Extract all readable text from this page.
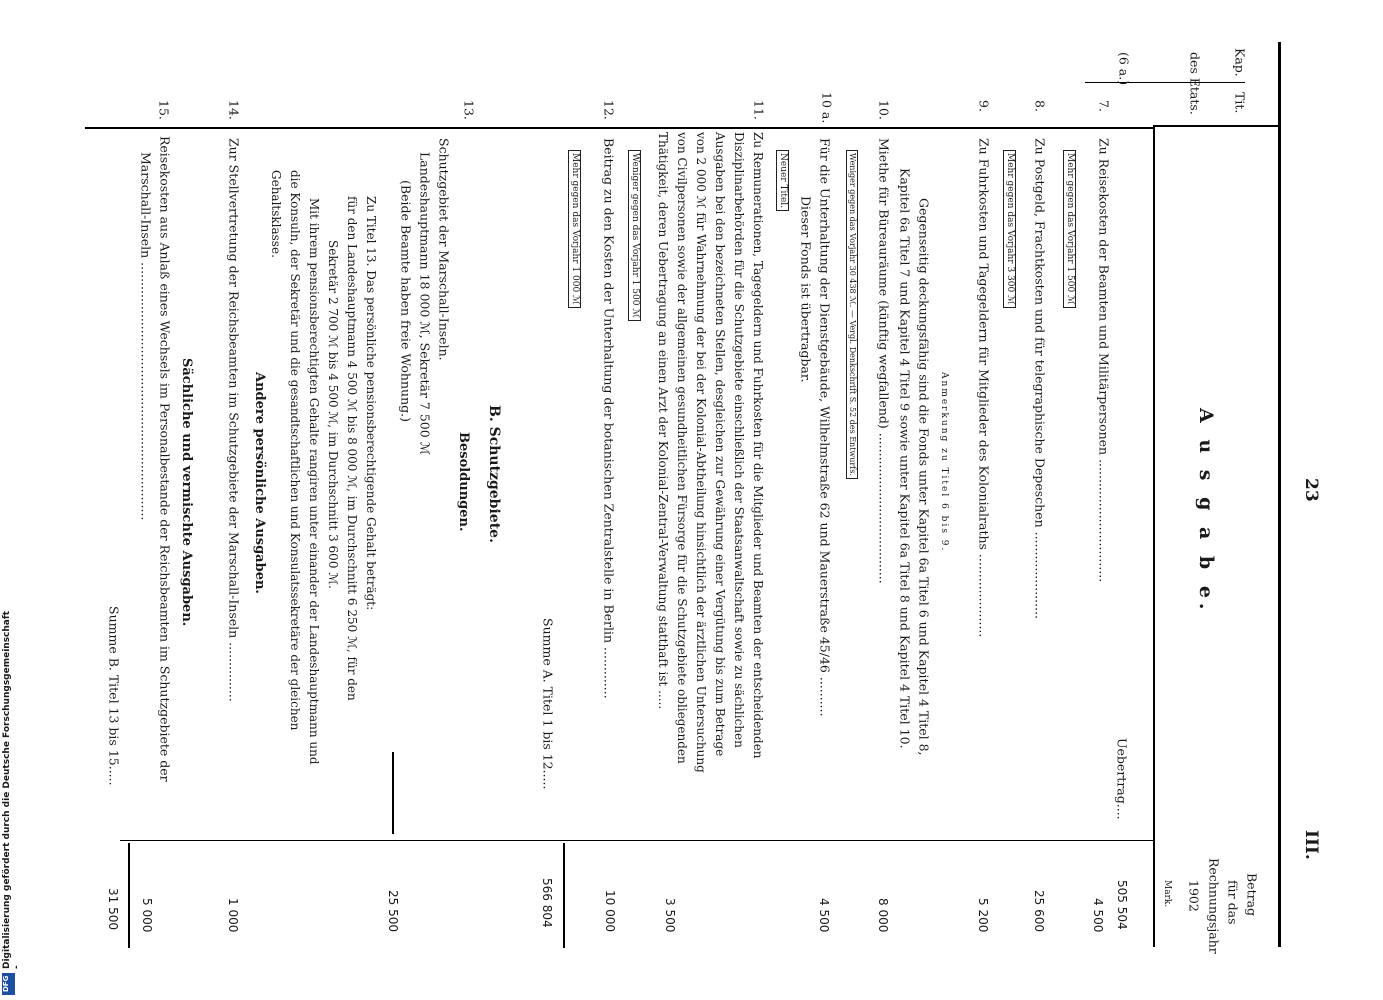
23
III.
Kap.
Tit.
des Etats.
A u s g a b e.
Betrag
für das
Rechnungsjahr
1902
Mark.
(6 a.)
Uebertrag....
505 504
7.
Zu Reisekosten der Beamten und Militärpersonen ...............................
Mehr gegen das Vorjahr 1 500 ℳ
4 500
8.
Zu Postgeld, Frachtkosten und für telegraphische Depeschen ......................
25 600
9.
Zu Fuhrkosten und Tagegeldern für Mitglieder des Kolonialraths ..................... Mehr gegen das Vorjahr 3 300 ℳ
5 200
Anmerkung zu Titel 6 bis 9.
Gegenseitig deckungsfähig sind die Fonds unter Kapitel 6a Titel 6 und Kapitel 4 Titel 8,
Kapitel 6a Titel 7 und Kapitel 4 Titel 9 sowie unter Kapitel 6a Titel 8 und Kapitel 4 Titel 10.
10.
Miethe für Büreauräume (künftig wegfallend) ......................................
Weniger gegen das Vorjahr 30 438 ℳ. — Vergl. Denkschrift S. 52 des Entwurfs.
8 000
10 a.
Für die Unterhaltung der Dienstgebäude, Wilhelmstraße 62 und Mauerstraße 45/46 ..........
Dieser Fonds ist übertragbar.
4 500
11.
Neuer Titel.
Zu Remunerationen, Tagegeldern und Fuhrkosten für die Mitglieder und Beamten der entscheidenden
Disziplinarbehörden für die Schutzgebiete einschließlich der Staatsanwaltschaft sowie zu sächlichen
Ausgaben bei den bezeichneten Stellen, desgleichen zur Gewährung einer Vergütung bis zum Betrage
von 2 000 ℳ für Wahrnehmung der bei der Kolonial-Abtheilung hinsichtlich der ärztlichen Untersuchung
von Civilpersonen sowie der allgemeinen gesundheitlichen Fürsorge für die Schutzgebiete obliegenden
Thätigkeit, deren Uebertragung an einen Arzt der Kolonial-Zentral-Verwaltung statthaft ist .....
3 500
Weniger gegen das Vorjahr 1 500 ℳ
12.
Beitrag zu den Kosten der Unterhaltung der botanischen Zentralstelle in Berlin .............
10 000
Mehr gegen das Vorjahr 1 000 ℳ
Summe A. Titel 1 bis 12.....
566 804
B. Schutzgebiete.
Besoldungen.
13.
Schutzgebiet der Marschall-Inseln.
Landeshauptmann 18 000 ℳ, Sekretär 7 500 ℳ
(Beide Beamte haben freie Wohnung.)
Zu Titel 13. Das persönliche pensionsberechtigende Gehalt beträgt:
für den Landeshauptmann 4 500 ℳ bis 8 000 ℳ, im Durchschnitt 6 250 ℳ, für den
Sekretär 2 700 ℳ bis 4 500 ℳ, im Durchschnitt 3 600 ℳ.
Mit ihrem pensionsberechtigten Gehalte rangiren unter einander der Landeshauptmann und
die Konsuln, der Sekretär und die gesandtschaftlichen und Konsulatssekretäre der gleichen
Gehaltsklasse.
25 500
Andere persönliche Ausgaben.
14.
Zur Stellvertretung der Reichsbeamten im Schutzgebiete der Marschall-Inseln ...............
1 000
Sächliche und vermischte Ausgaben.
15.
Reisekosten aus Anlaß eines Wechsels im Personalbestande der Reichsbeamten im Schutzgebiete der
Marschall-Inseln .................................................................
5 000
Summe B. Titel 13 bis 15.....
31 500
Digitalisierung gefördert durch die Deutsche Forschungsgemeinschaft -
DFG
